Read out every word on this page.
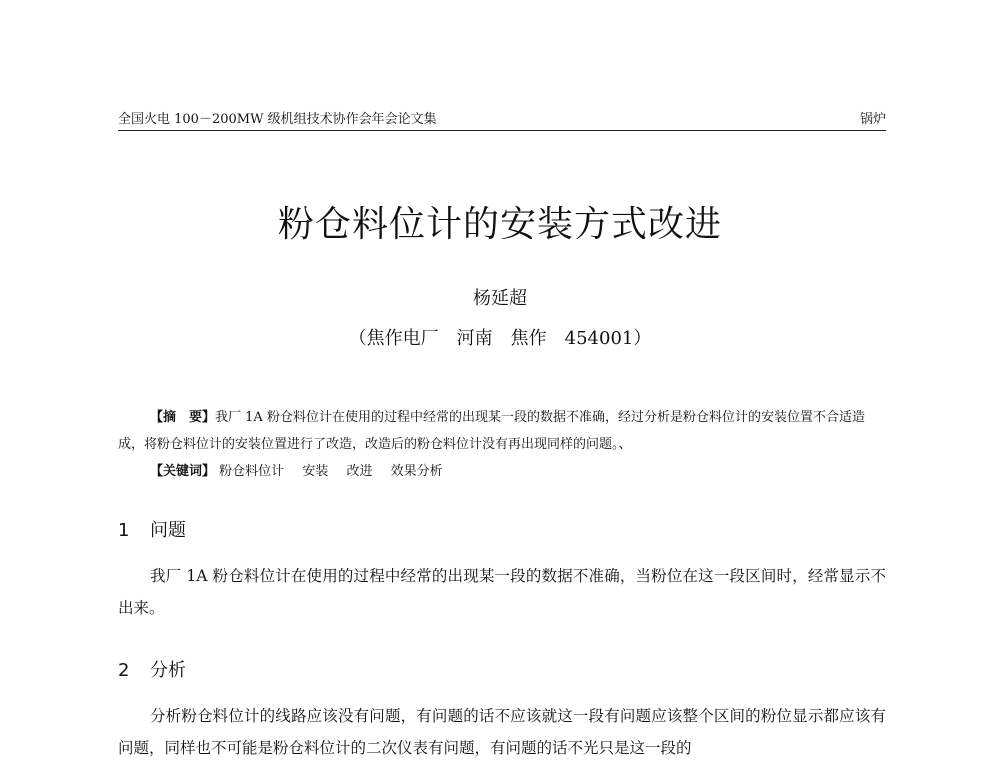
全国火电 100－200MW 级机组技术协作会年会论文集	锅炉
粉仓料位计的安装方式改进
杨延超
（焦作电厂　河南　焦作　454001）
【摘　要】我厂 1A 粉仓料位计在使用的过程中经常的出现某一段的数据不准确，经过分析是粉仓料位计的安装位置不合适造成，将粉仓料位计的安装位置进行了改造，改造后的粉仓料位计没有再出现同样的问题。、
【关键词】 粉仓料位计 安装 改进 效果分析
1 问题
我厂 1A 粉仓料位计在使用的过程中经常的出现某一段的数据不准确，当粉位在这一段区间时，经常显示不出来。
2 分析
分析粉仓料位计的线路应该没有问题，有问题的话不应该就这一段有问题应该整个区间的粉位显示都应该有问题，同样也不可能是粉仓料位计的二次仪表有问题，有问题的话不光只是这一段的
